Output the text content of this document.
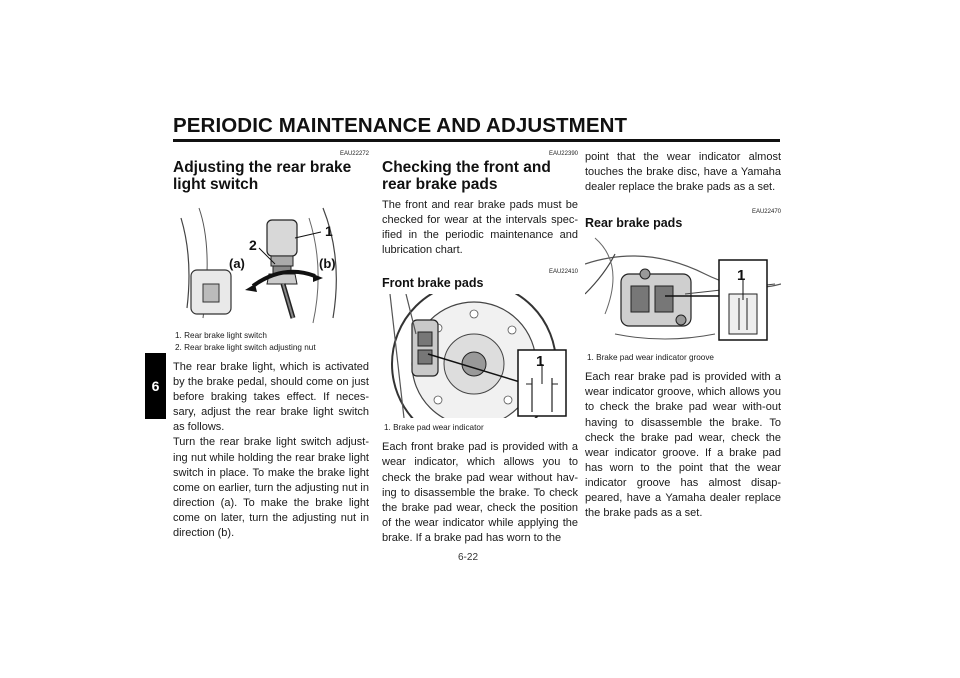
PERIODIC MAINTENANCE AND ADJUSTMENT
6
EAU22272
Adjusting the rear brake light switch
1
2
(a)	(b)
1. Rear brake light switch
2. Rear brake light switch adjusting nut

The rear brake light, which is activated by the brake pedal, should come on just before braking takes effect. If neces-sary, adjust the rear brake light switch as follows.

Turn the rear brake light switch adjust-ing nut while holding the rear brake light switch in place. To make the brake light come on earlier, turn the adjusting nut in direction (a). To make the brake light come on later, turn the adjusting nut in direction (b).

EAU22390
Checking the front and rear brake pads

The front and rear brake pads must be checked for wear at the intervals spec-ified in the periodic maintenance and lubrication chart.

EAU22410
Front brake pads
1
1. Brake pad wear indicator

Each front brake pad is provided with a wear indicator, which allows you to check the brake pad wear without hav-ing to disassemble the brake. To check the brake pad wear, check the position of the wear indicator while applying the brake. If a brake pad has worn to the

point that the wear indicator almost touches the brake disc, have a Yamaha dealer replace the brake pads as a set.

EAU22470
Rear brake pads
1
1. Brake pad wear indicator groove

Each rear brake pad is provided with a wear indicator groove, which allows you to check the brake pad wear with-out having to disassemble the brake. To check the brake pad wear, check the wear indicator groove. If a brake pad has worn to the point that the wear indicator groove has almost disap-peared, have a Yamaha dealer replace the brake pads as a set.

6-22
